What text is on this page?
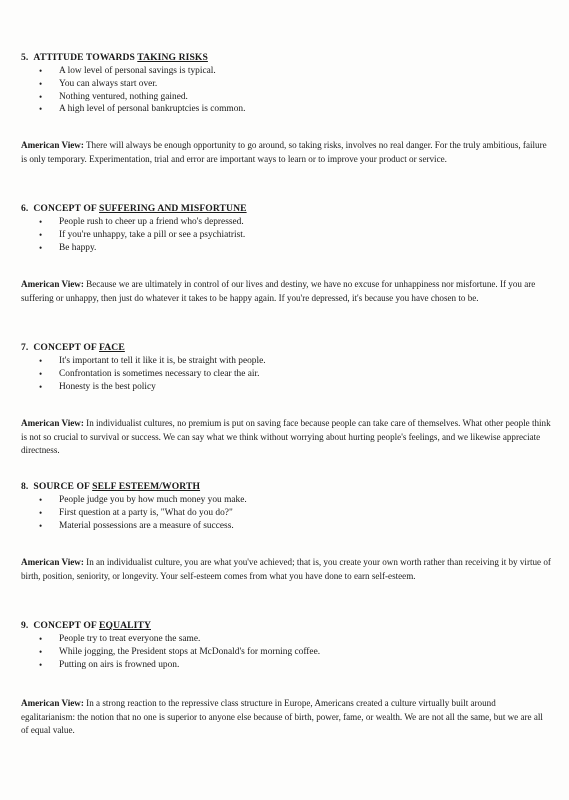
5. ATTITUDE TOWARDS TAKING RISKS

• A low level of personal savings is typical.
• You can always start over.
• Nothing ventured, nothing gained.
• A high level of personal bankruptcies is common.

American View: There will always be enough opportunity to go around, so taking risks, involves no real danger. For the truly ambitious, failure is only temporary. Experimentation, trial and error are important ways to learn or to improve your product or service.

6. CONCEPT OF SUFFERING AND MISFORTUNE

• People rush to cheer up a friend who's depressed.
• If you're unhappy, take a pill or see a psychiatrist.
• Be happy.

American View: Because we are ultimately in control of our lives and destiny, we have no excuse for unhappiness nor misfortune. If you are suffering or unhappy, then just do whatever it takes to be happy again. If you're depressed, it's because you have chosen to be.

7. CONCEPT OF FACE

• It's important to tell it like it is, be straight with people.
• Confrontation is sometimes necessary to clear the air.
• Honesty is the best policy

American View: In individualist cultures, no premium is put on saving face because people can take care of themselves. What other people think is not so crucial to survival or success. We can say what we think without worrying about hurting people's feelings, and we likewise appreciate directness.

8. SOURCE OF SELF ESTEEM/WORTH

• People judge you by how much money you make.
• First question at a party is, "What do you do?"
• Material possessions are a measure of success.

American View: In an individualist culture, you are what you've achieved; that is, you create your own worth rather than receiving it by virtue of birth, position, seniority, or longevity. Your self-esteem comes from what you have done to earn self-esteem.

9. CONCEPT OF EQUALITY

• People try to treat everyone the same.
• While jogging, the President stops at McDonald's for morning coffee.
• Putting on airs is frowned upon.

American View: In a strong reaction to the repressive class structure in Europe, Americans created a culture virtually built around egalitarianism: the notion that no one is superior to anyone else because of birth, power, fame, or wealth. We are not all the same, but we are all of equal value.
